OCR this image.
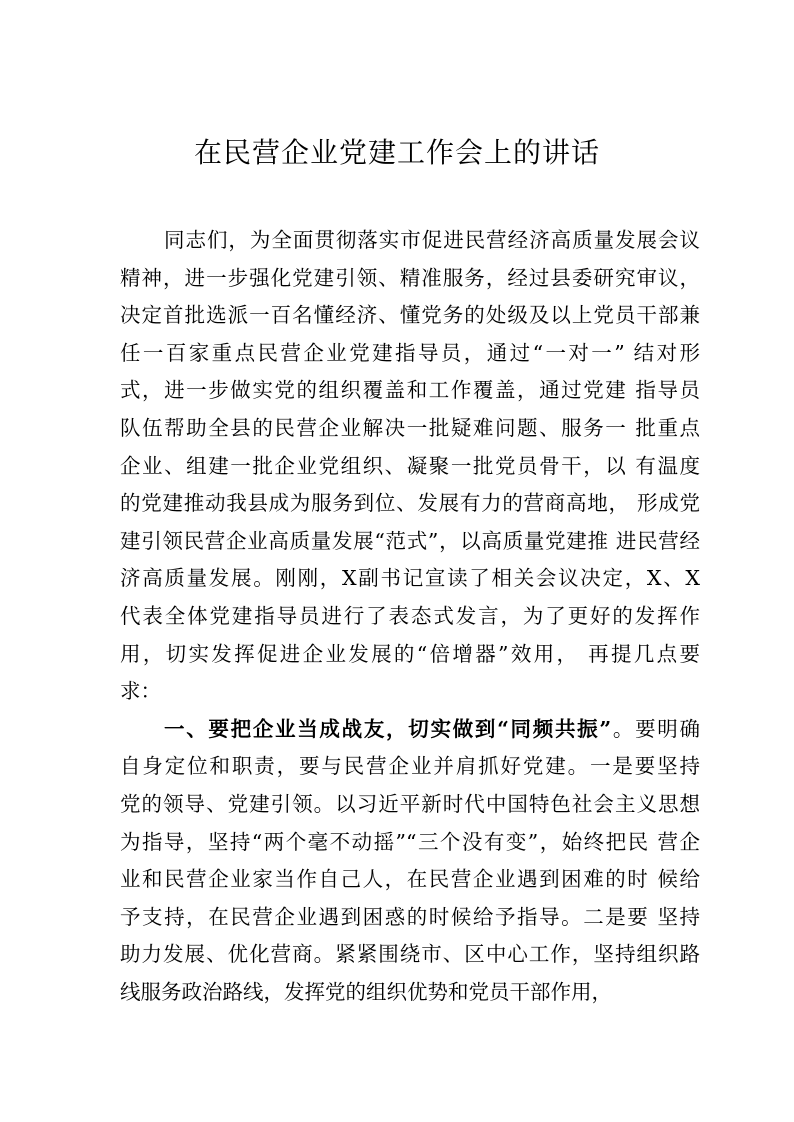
在民营企业党建工作会上的讲话
同志们，为全面贯彻落实市促进民营经济高质量发展会议
精神，进一步强化党建引领、精准服务，经过县委研究审议，
决定首批选派一百名懂经济、懂党务的处级及以上党员干部兼
任一百家重点民营企业党建指导员，通过“一对一” 结对形
式，进一步做实党的组织覆盖和工作覆盖，通过党建 指导员
队伍帮助全县的民营企业解决一批疑难问题、服务一 批重点
企业、组建一批企业党组织、凝聚一批党员骨干，以 有温度
的党建推动我县成为服务到位、发展有力的营商高地， 形成党
建引领民营企业高质量发展“范式”，以高质量党建推 进民营经
济高质量发展。刚刚，X副书记宣读了相关会议决定，X、X
代表全体党建指导员进行了表态式发言，为了更好的发挥作
用，切实发挥促进企业发展的“倍增器”效用， 再提几点要
求：
一、要把企业当成战友，切实做到“同频共振”。要明确
自身定位和职责，要与民营企业并肩抓好党建。一是要坚持
党的领导、党建引领。以习近平新时代中国特色社会主义思想
为指导，坚持“两个毫不动摇”“三个没有变”，始终把民 营企
业和民营企业家当作自己人，在民营企业遇到困难的时 候给
予支持，在民营企业遇到困惑的时候给予指导。二是要 坚持
助力发展、优化营商。紧紧围绕市、区中心工作，坚持组织路
线服务政治路线，发挥党的组织优势和党员干部作用，
